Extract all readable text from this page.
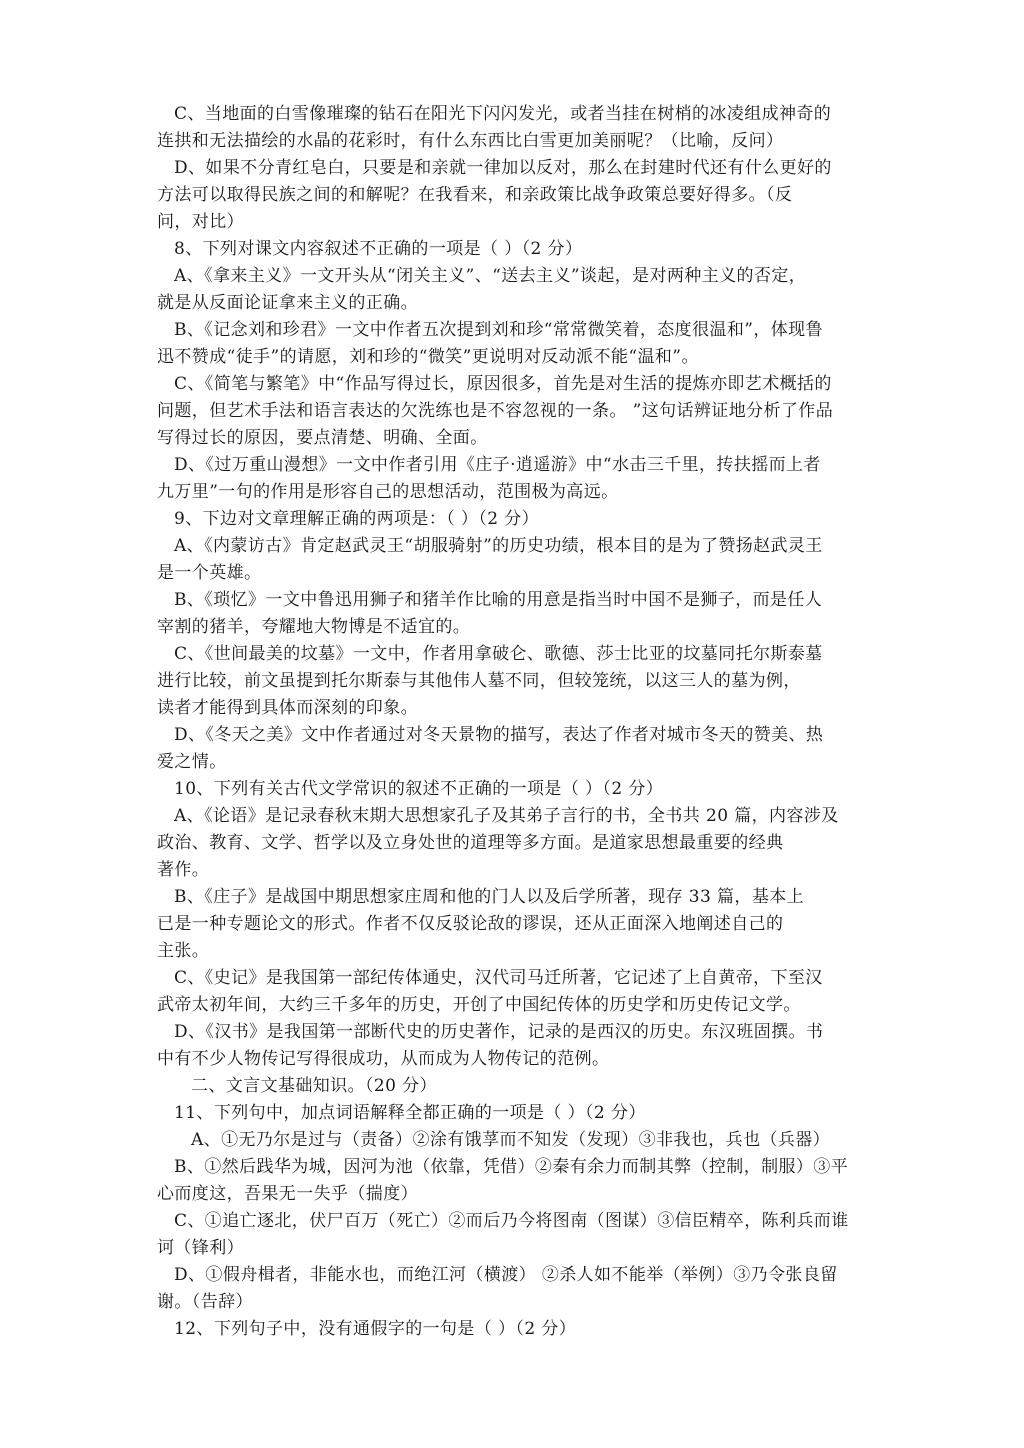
C、当地面的白雪像璀璨的钻石在阳光下闪闪发光，或者当挂在树梢的冰凌组成神奇的
连拱和无法描绘的水晶的花彩时，有什么东西比白雪更加美丽呢？（比喻，反问）
D、如果不分青红皂白，只要是和亲就一律加以反对，那么在封建时代还有什么更好的
方法可以取得民族之间的和解呢？在我看来，和亲政策比战争政策总要好得多。（反
问，对比）
8、下列对课文内容叙述不正确的一项是（ ）（2 分）
A、《拿来主义》一文开头从“闭关主义”、“送去主义”谈起，是对两种主义的否定，
就是从反面论证拿来主义的正确。
B、《记念刘和珍君》一文中作者五次提到刘和珍“常常微笑着，态度很温和”，体现鲁
迅不赞成“徒手”的请愿，刘和珍的“微笑”更说明对反动派不能“温和”。
C、《简笔与繁笔》中“作品写得过长，原因很多，首先是对生活的提炼亦即艺术概括的
问题，但艺术手法和语言表达的欠洗练也是不容忽视的一条。 ”这句话辨证地分析了作品
写得过长的原因，要点清楚、明确、全面。
D、《过万重山漫想》一文中作者引用《庄子·逍遥游》中“水击三千里，抟扶摇而上者
九万里”一句的作用是形容自己的思想活动，范围极为高远。
9、下边对文章理解正确的两项是：（ ）（2 分）
A、《内蒙访古》肯定赵武灵王“胡服骑射”的历史功绩，根本目的是为了赞扬赵武灵王
是一个英雄。
B、《琐忆》一文中鲁迅用狮子和猪羊作比喻的用意是指当时中国不是狮子，而是任人
宰割的猪羊，夸耀地大物博是不适宜的。
C、《世间最美的坟墓》一文中，作者用拿破仑、歌德、莎士比亚的坟墓同托尔斯泰墓
进行比较，前文虽提到托尔斯泰与其他伟人墓不同，但较笼统，以这三人的墓为例，
读者才能得到具体而深刻的印象。
D、《冬天之美》文中作者通过对冬天景物的描写，表达了作者对城市冬天的赞美、热
爱之情。
10、下列有关古代文学常识的叙述不正确的一项是（ ）（2 分）
A、《论语》是记录春秋末期大思想家孔子及其弟子言行的书，全书共 20 篇，内容涉及
政治、教育、文学、哲学以及立身处世的道理等多方面。是道家思想最重要的经典
著作。
B、《庄子》是战国中期思想家庄周和他的门人以及后学所著，现存 33 篇，基本上
已是一种专题论文的形式。作者不仅反驳论敌的谬误，还从正面深入地阐述自己的
主张。
C、《史记》是我国第一部纪传体通史，汉代司马迁所著，它记述了上自黄帝，下至汉
武帝太初年间，大约三千多年的历史，开创了中国纪传体的历史学和历史传记文学。
D、《汉书》是我国第一部断代史的历史著作，记录的是西汉的历史。东汉班固撰。书
中有不少人物传记写得很成功，从而成为人物传记的范例。
二、文言文基础知识。（20 分）
11、下列句中，加点词语解释全都正确的一项是（ ）（2 分）
A、①无乃尔是过与（责备）②涂有饿莩而不知发（发现）③非我也，兵也（兵器）
B、①然后践华为城，因河为池（依靠，凭借）②秦有余力而制其弊（控制，制服）③平
心而度这，吾果无一失乎（揣度）
C、①追亡逐北，伏尸百万（死亡）②而后乃今将图南（图谋）③信臣精卒，陈利兵而谁
诃（锋利）
D、①假舟楫者，非能水也，而绝江河（横渡） ②杀人如不能举（举例）③乃令张良留
谢。（告辞）
12、下列句子中，没有通假字的一句是（ ）（2 分）
